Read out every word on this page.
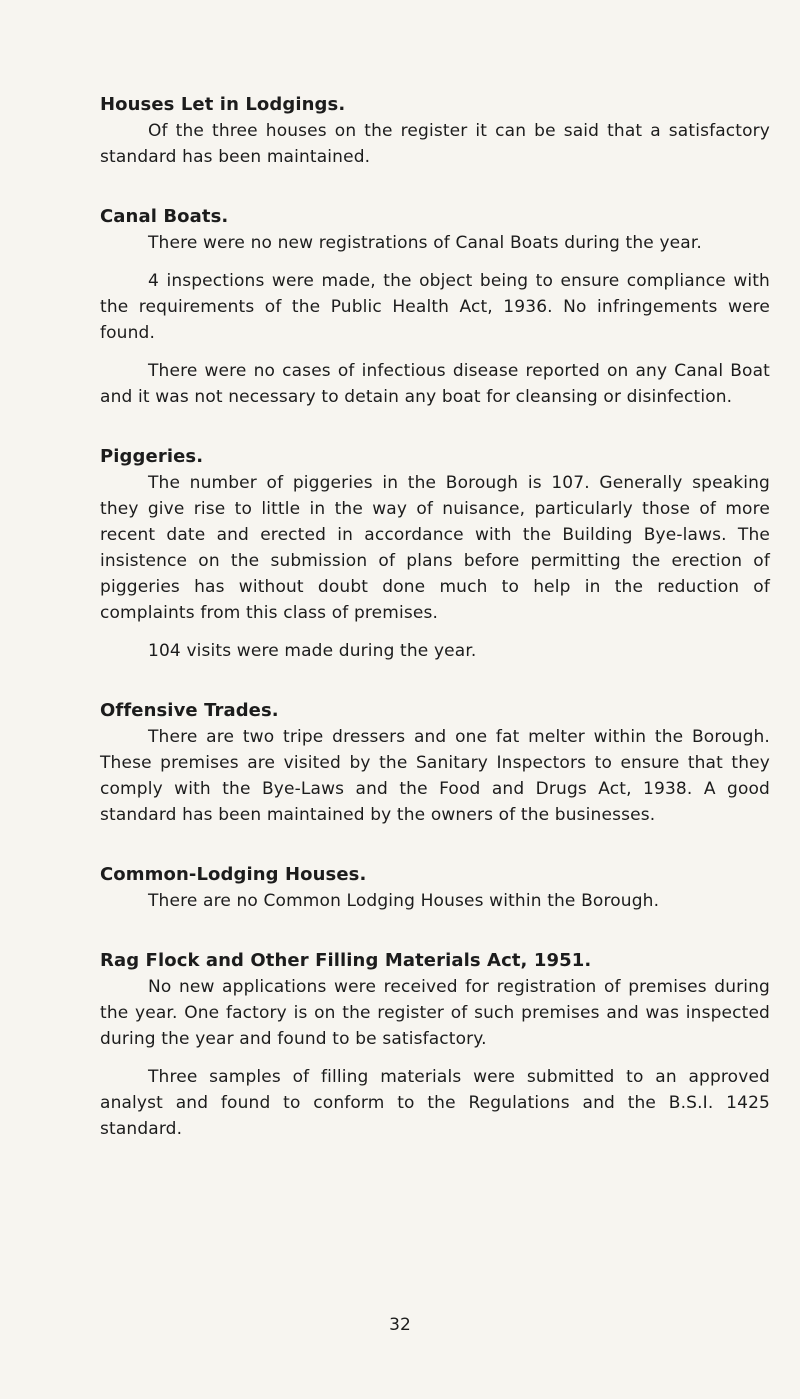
Houses Let in Lodgings.

Of the three houses on the register it can be said that a satisfactory standard has been maintained.

Canal Boats.

There were no new registrations of Canal Boats during the year.

4 inspections were made, the object being to ensure compliance with the requirements of the Public Health Act, 1936. No infringements were found.

There were no cases of infectious disease reported on any Canal Boat and it was not necessary to detain any boat for cleansing or disinfection.

Piggeries.

The number of piggeries in the Borough is 107. Generally speaking they give rise to little in the way of nuisance, particularly those of more recent date and erected in accordance with the Building Bye-laws. The insistence on the submission of plans before permitting the erection of piggeries has without doubt done much to help in the reduction of complaints from this class of premises.

104 visits were made during the year.

Offensive Trades.

There are two tripe dressers and one fat melter within the Borough. These premises are visited by the Sanitary Inspectors to ensure that they comply with the Bye-Laws and the Food and Drugs Act, 1938. A good standard has been maintained by the owners of the businesses.

Common-Lodging Houses.

There are no Common Lodging Houses within the Borough.

Rag Flock and Other Filling Materials Act, 1951.

No new applications were received for registration of premises during the year. One factory is on the register of such premises and was inspected during the year and found to be satisfactory.

Three samples of filling materials were submitted to an approved analyst and found to conform to the Regulations and the B.S.I. 1425 standard.

32
